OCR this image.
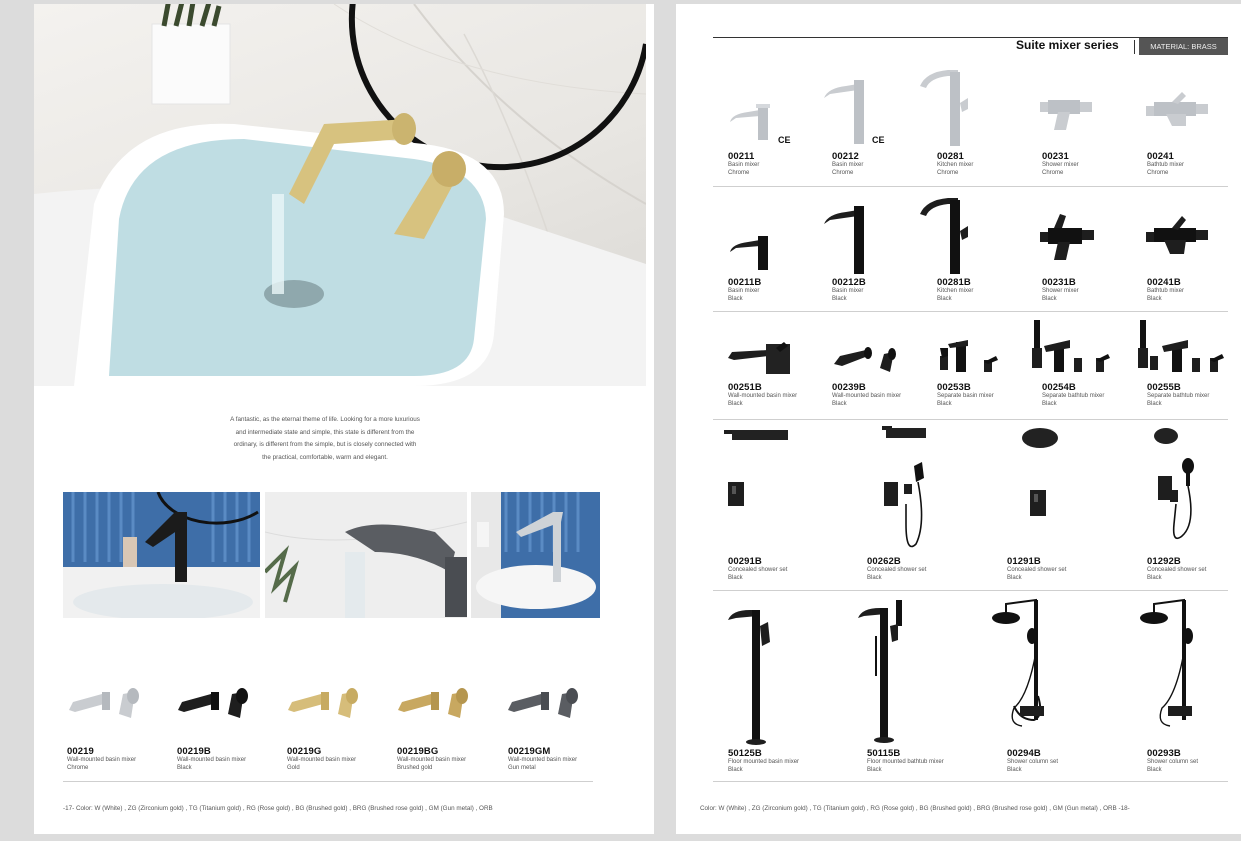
A fantastic, as the eternal theme of life. Looking for a more luxurious
and intermediate state and simple, this state is different from the
ordinary, is different from the simple, but is closely connected with
the practical, comfortable, warm and elegant.
00219
Wall-mounted basin mixer
Chrome
00219B
Wall-mounted basin mixer
Black
00219G
Wall-mounted basin mixer
Gold
00219BG
Wall-mounted basin mixer
Brushed gold
00219GM
Wall-mounted basin mixer
Gun metal
-17- Color: W (White) , ZG (Zirconium gold) , TG (Titanium gold) , RG (Rose gold) , BG (Brushed gold) , BRG (Brushed rose gold) , GM (Gun metal) , ORB
Suite mixer series	MATERIAL: BRASS
CE	CE
00211
Basin mixer
Chrome
00212
Basin mixer
Chrome
00281
Kitchen mixer
Chrome
00231
Shower mixer
Chrome
00241
Bathtub mixer
Chrome
00211B
Basin mixer
Black
00212B
Basin mixer
Black
00281B
Kitchen mixer
Black
00231B
Shower mixer
Black
00241B
Bathtub mixer
Black
00251B
Wall-mounted basin mixer
Black
00239B
Wall-mounted basin mixer
Black
00253B
Separate basin mixer
Black
00254B
Separate bathtub mixer
Black
00255B
Separate bathtub mixer
Black
00291B
Concealed shower set
Black
00262B
Concealed shower set
Black
01291B
Concealed shower set
Black
01292B
Concealed shower set
Black
50125B
Floor mounted basin mixer
Black
50115B
Floor mounted bathtub mixer
Black
00294B
Shower column set
Black
00293B
Shower column set
Black
Color: W (White) , ZG (Zirconium gold) , TG (Titanium gold) , RG (Rose gold) , BG (Brushed gold) , BRG (Brushed rose gold) , GM (Gun metal) , ORB -18-
